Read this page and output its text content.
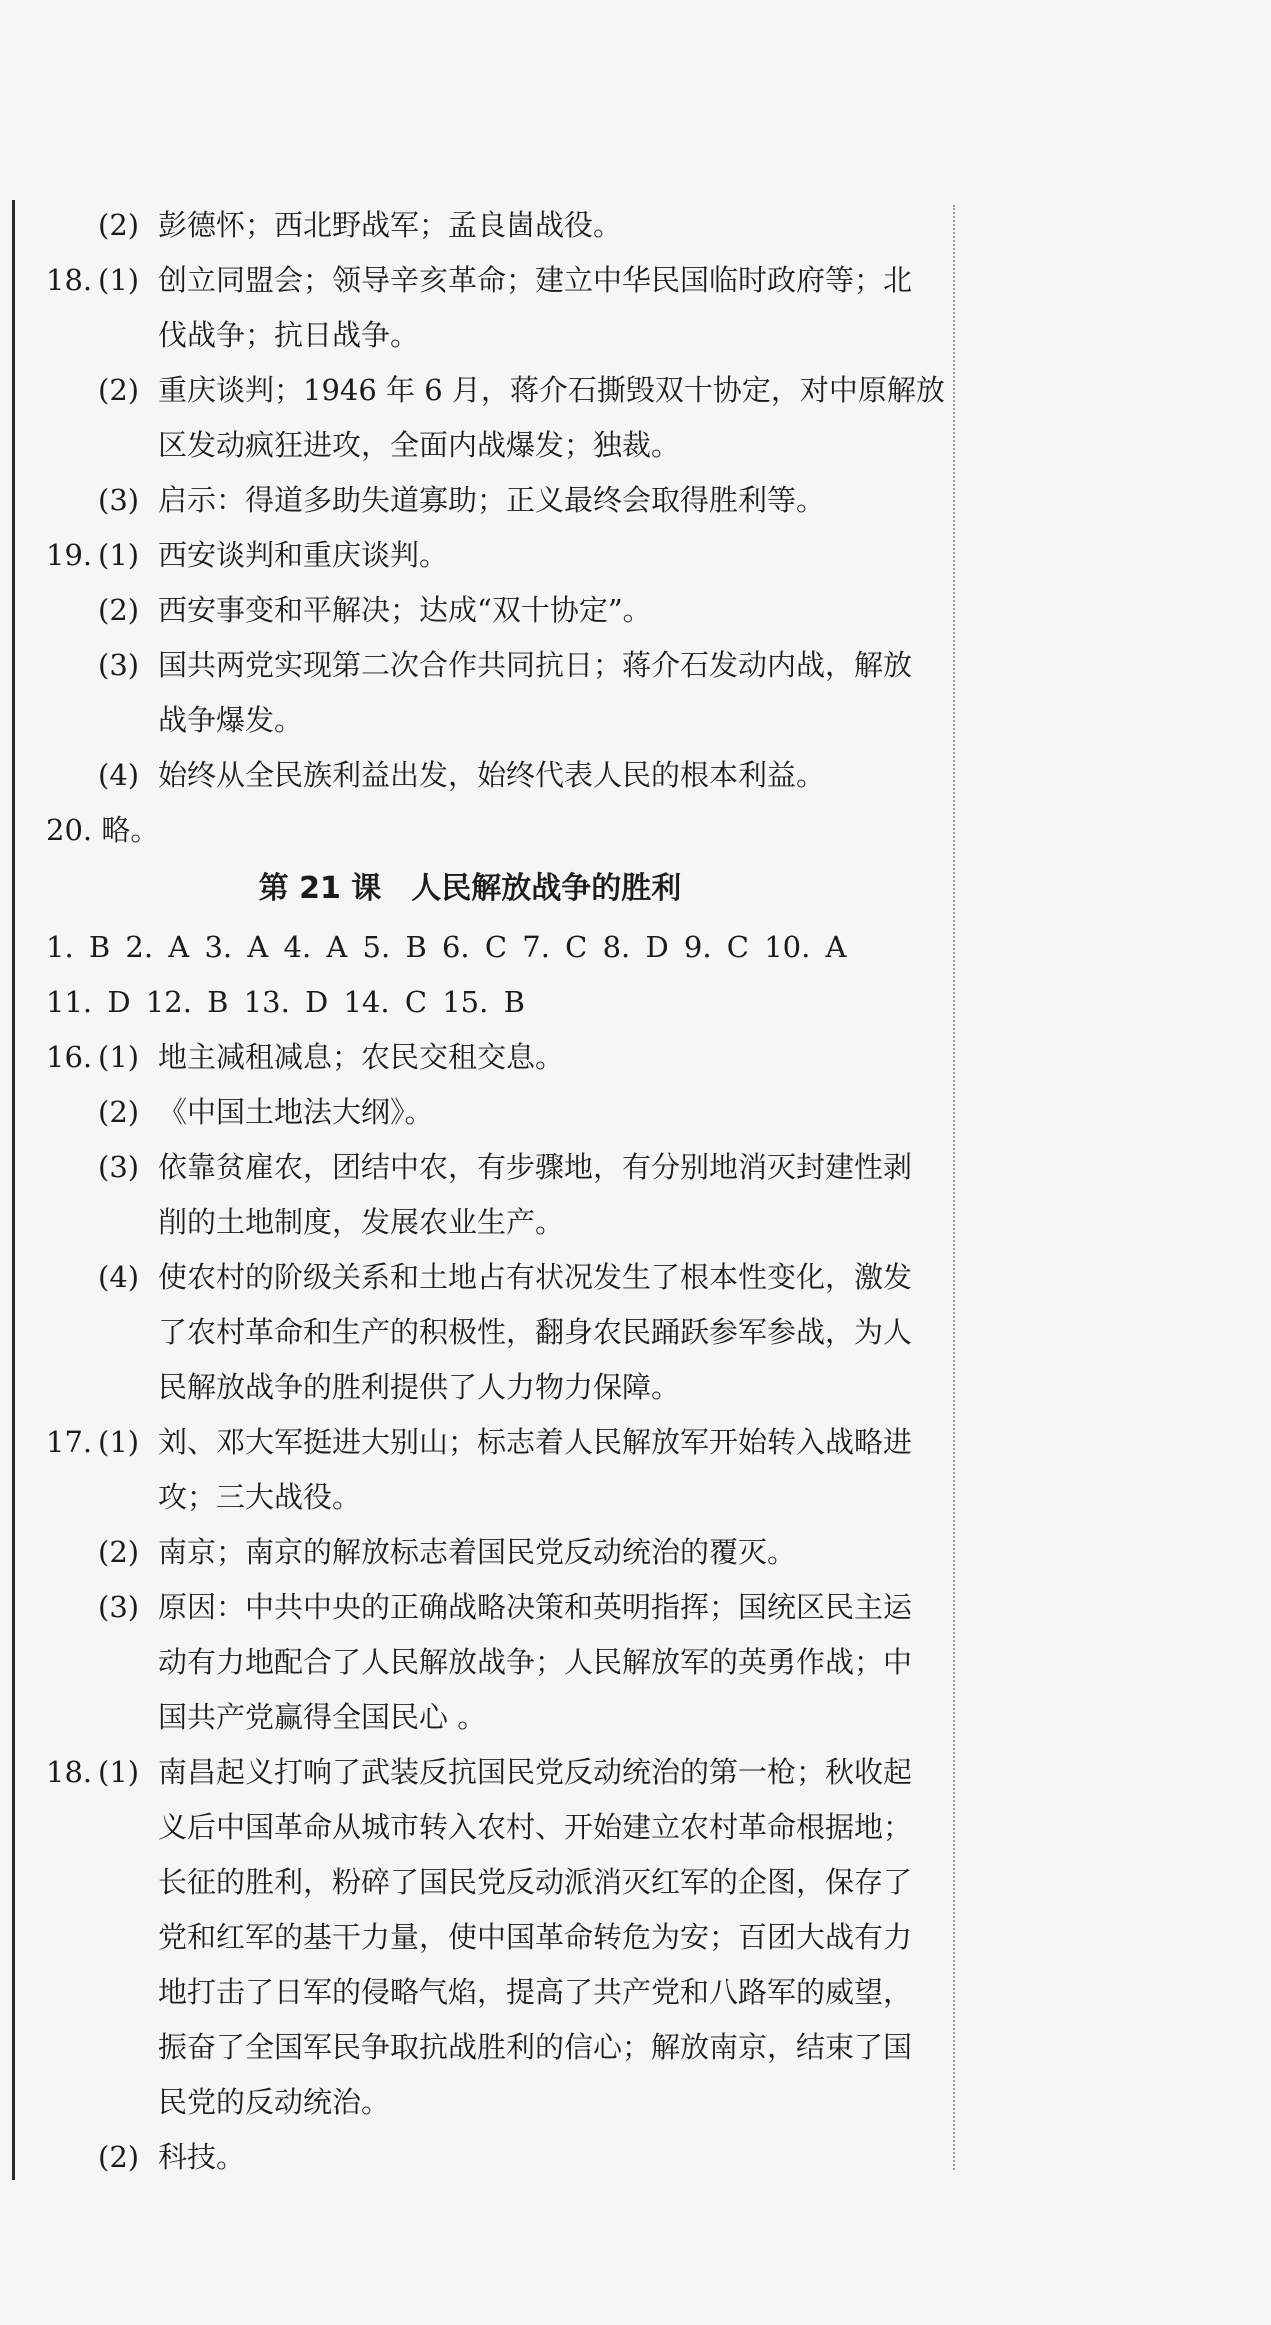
(2) 彭德怀；西北野战军；孟良崮战役。
18. (1) 创立同盟会；领导辛亥革命；建立中华民国临时政府等；北
伐战争；抗日战争。
(2) 重庆谈判；1946 年 6 月，蒋介石撕毁双十协定，对中原解放
区发动疯狂进攻，全面内战爆发；独裁。
(3) 启示：得道多助失道寡助；正义最终会取得胜利等。
19. (1) 西安谈判和重庆谈判。
(2) 西安事变和平解决；达成“双十协定”。
(3) 国共两党实现第二次合作共同抗日；蒋介石发动内战，解放
战争爆发。
(4) 始终从全民族利益出发，始终代表人民的根本利益。
20. 略。
第 21 课　人民解放战争的胜利
1. B 2. A 3. A 4. A 5. B 6. C 7. C 8. D 9. C 10. A
11. D 12. B 13. D 14. C 15. B
16. (1) 地主减租减息；农民交租交息。
(2) 《中国土地法大纲》。
(3) 依靠贫雇农，团结中农，有步骤地，有分别地消灭封建性剥
削的土地制度，发展农业生产。
(4) 使农村的阶级关系和土地占有状况发生了根本性变化，激发
了农村革命和生产的积极性，翻身农民踊跃参军参战，为人
民解放战争的胜利提供了人力物力保障。
17. (1) 刘、邓大军挺进大别山；标志着人民解放军开始转入战略进
攻；三大战役。
(2) 南京；南京的解放标志着国民党反动统治的覆灭。
(3) 原因：中共中央的正确战略决策和英明指挥；国统区民主运
动有力地配合了人民解放战争；人民解放军的英勇作战；中
国共产党赢得全国民心 。
18. (1) 南昌起义打响了武装反抗国民党反动统治的第一枪；秋收起
义后中国革命从城市转入农村、开始建立农村革命根据地；
长征的胜利，粉碎了国民党反动派消灭红军的企图，保存了
党和红军的基干力量，使中国革命转危为安；百团大战有力
地打击了日军的侵略气焰，提高了共产党和八路军的威望，
振奋了全国军民争取抗战胜利的信心；解放南京，结束了国
民党的反动统治。
(2) 科技。
